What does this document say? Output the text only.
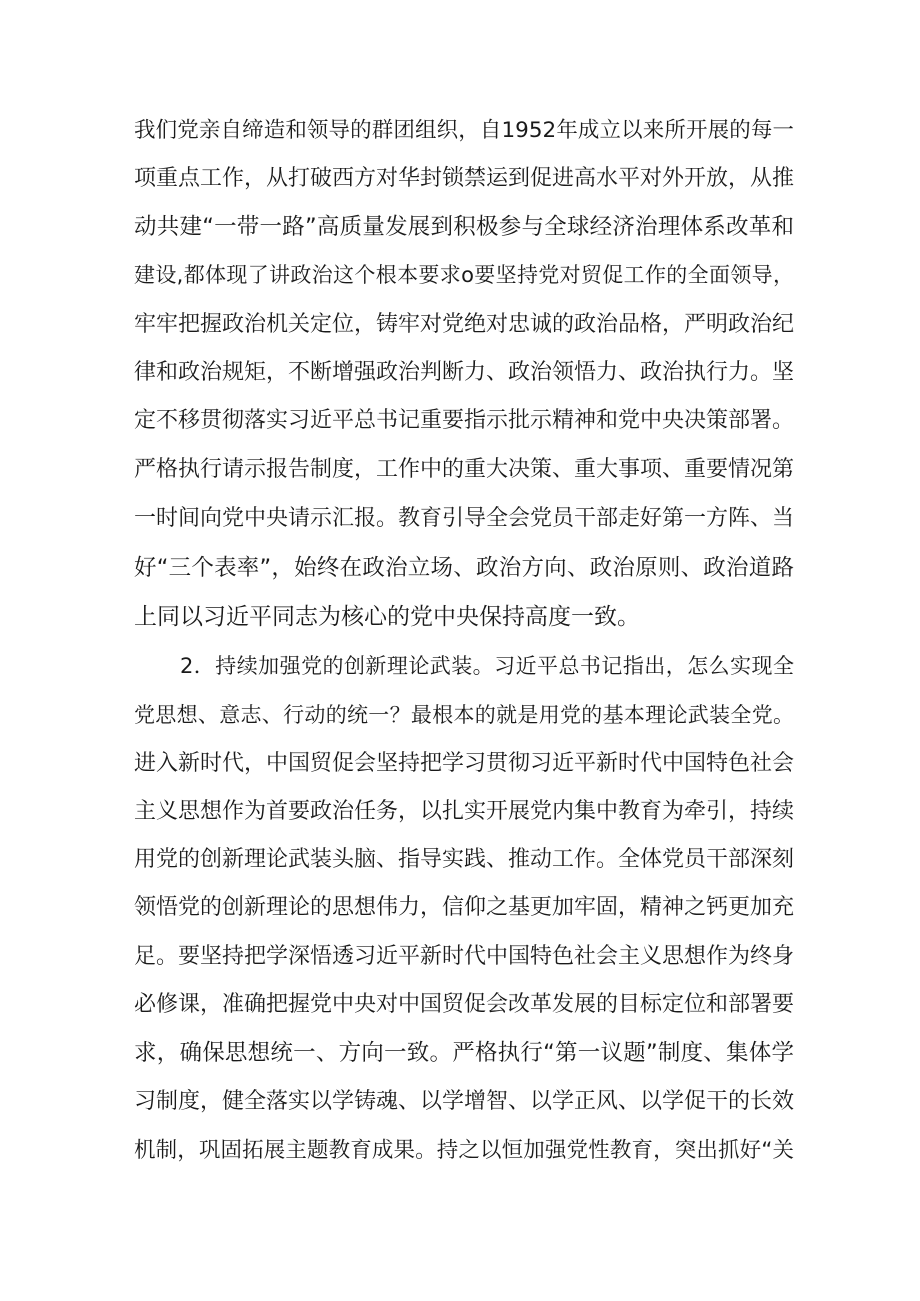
我们党亲自缔造和领导的群团组织，自1952年成立以来所开展的每一
项重点工作，从打破西方对华封锁禁运到促进高水平对外开放，从推
动共建“一带一路”高质量发展到积极参与全球经济治理体系改革和
建设,都体现了讲政治这个根本要求o要坚持党对贸促工作的全面领导，
牢牢把握政治机关定位，铸牢对党绝对忠诚的政治品格，严明政治纪
律和政治规矩，不断增强政治判断力、政治领悟力、政治执行力。坚
定不移贯彻落实习近平总书记重要指示批示精神和党中央决策部署。
严格执行请示报告制度，工作中的重大决策、重大事项、重要情况第
一时间向党中央请示汇报。教育引导全会党员干部走好第一方阵、当
好“三个表率”，始终在政治立场、政治方向、政治原则、政治道路
上同以习近平同志为核心的党中央保持高度一致。
2．持续加强党的创新理论武装。习近平总书记指出，怎么实现全
党思想、意志、行动的统一？最根本的就是用党的基本理论武装全党。
进入新时代，中国贸促会坚持把学习贯彻习近平新时代中国特色社会
主义思想作为首要政治任务，以扎实开展党内集中教育为牵引，持续
用党的创新理论武装头脑、指导实践、推动工作。全体党员干部深刻
领悟党的创新理论的思想伟力，信仰之基更加牢固，精神之钙更加充
足。要坚持把学深悟透习近平新时代中国特色社会主义思想作为终身
必修课，准确把握党中央对中国贸促会改革发展的目标定位和部署要
求，确保思想统一、方向一致。严格执行“第一议题”制度、集体学
习制度，健全落实以学铸魂、以学增智、以学正风、以学促干的长效
机制，巩固拓展主题教育成果。持之以恒加强党性教育，突出抓好“关
